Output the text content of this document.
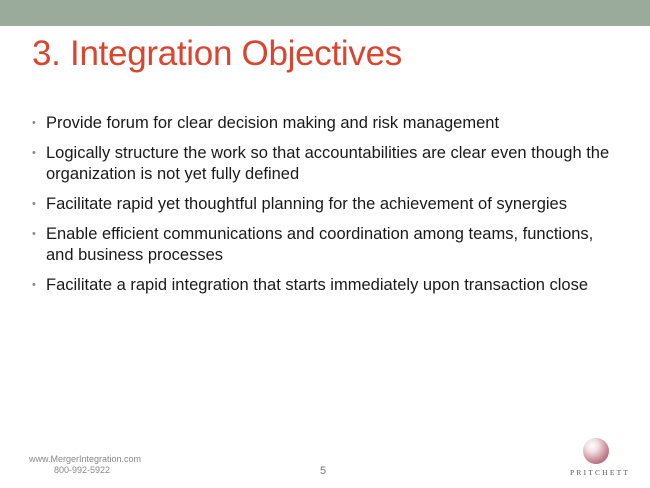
3. Integration Objectives
• Provide forum for clear decision making and risk management
• Logically structure the work so that accountabilities are clear even though the organization is not yet fully defined
• Facilitate rapid yet thoughtful planning for the achievement of synergies
• Enable efficient communications and coordination among teams, functions, and business processes
• Facilitate a rapid integration that starts immediately upon transaction close
www.MergerIntegration.com
800-992-5922	5	PRITCHETT
